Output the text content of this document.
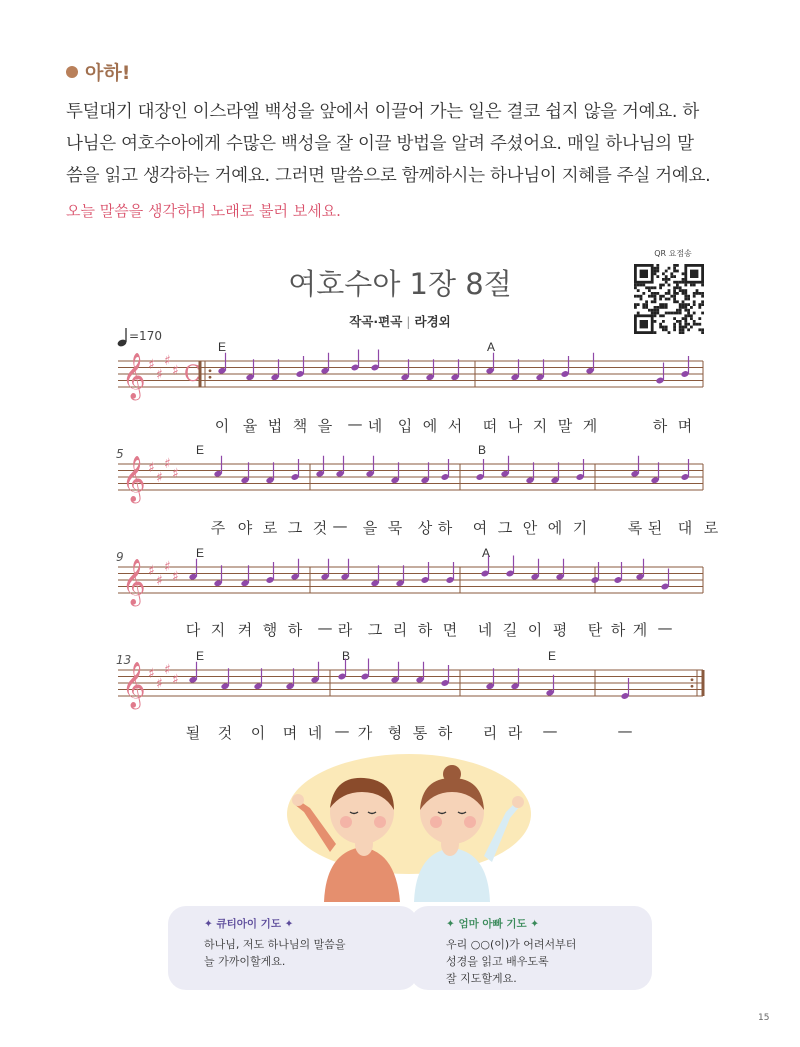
아하!
투덜대기 대장인 이스라엘 백성을 앞에서 이끌어 가는 일은 결코 쉽지 않을 거예요. 하
나님은 여호수아에게 수많은 백성을 잘 이끌 방법을 알려 주셨어요. 매일 하나님의 말
씀을 읽고 생각하는 거예요. 그러면 말씀으로 함께하시는 하나님이 지혜를 주실 거예요.
오늘 말씀을 생각하며 노래로 불러 보세요.
QR 요점송
여호수아 1장 8절
작곡·편곡 | 라경외
=170
𝄞 ♯
♯
♯
♯ C
E	A
𝄞 ♯
♯
♯
♯
5	E	B
𝄞 ♯
♯
♯
♯
9	E	A
𝄞 ♯
♯
♯
♯
13	E	B	E
이 율 법 책 을 — 네 입 에 서 떠 나 지 말 게	하 며
주 야 로 그 것 — 을 묵 상 하 여 그 안 에 기	록 된 대 로
다 지 켜 행 하 — 라 그 리 하 면 네 길 이 평 탄 하 게 —
될 것 이 며 네 — 가 형 통 하 리 라 —	—
✦ 큐티아이 기도 ✦
하나님, 저도 하나님의 말씀을
늘 가까이할게요.
✦ 엄마 아빠 기도 ✦
우리 ○○(이)가 어려서부터
성경을 읽고 배우도록
잘 지도할게요.
15
